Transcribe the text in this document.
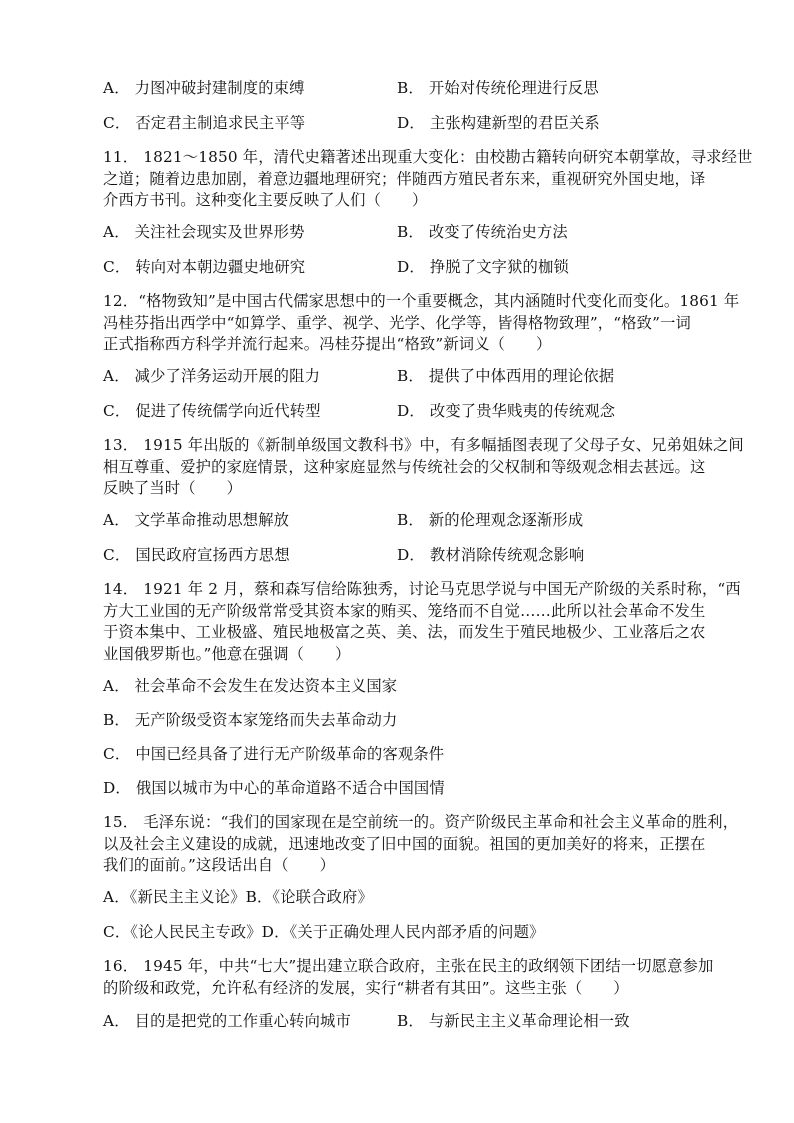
A． 力图冲破封建制度的束缚	B． 开始对传统伦理进行反思
C． 否定君主制追求民主平等	D． 主张构建新型的君臣关系
11． 1821～1850 年，清代史籍著述出现重大变化：由校勘古籍转向研究本朝掌故，寻求经世
之道；随着边患加剧，着意边疆地理研究；伴随西方殖民者东来，重视研究外国史地，译
介西方书刊。这种变化主要反映了人们（　　）
A． 关注社会现实及世界形势	B． 改变了传统治史方法
C． 转向对本朝边疆史地研究	D． 挣脱了文字狱的枷锁
12．“格物致知”是中国古代儒家思想中的一个重要概念，其内涵随时代变化而变化。1861 年
冯桂芬指出西学中“如算学、重学、视学、光学、化学等，皆得格物致理”，“格致”一词
正式指称西方科学并流行起来。冯桂芬提出“格致”新词义（　　）
A． 减少了洋务运动开展的阻力	B． 提供了中体西用的理论依据
C． 促进了传统儒学向近代转型	D． 改变了贵华贱夷的传统观念
13． 1915 年出版的《新制单级国文教科书》中，有多幅插图表现了父母子女、兄弟姐妹之间
相互尊重、爱护的家庭情景，这种家庭显然与传统社会的父权制和等级观念相去甚远。这
反映了当时（　　）
A． 文学革命推动思想解放	B． 新的伦理观念逐渐形成
C． 国民政府宣扬西方思想	D． 教材消除传统观念影响
14． 1921 年 2 月，蔡和森写信给陈独秀，讨论马克思学说与中国无产阶级的关系时称，“西
方大工业国的无产阶级常常受其资本家的贿买、笼络而不自觉……此所以社会革命不发生
于资本集中、工业极盛、殖民地极富之英、美、法，而发生于殖民地极少、工业落后之农
业国俄罗斯也。”他意在强调（　　）
A． 社会革命不会发生在发达资本主义国家
B． 无产阶级受资本家笼络而失去革命动力
C． 中国已经具备了进行无产阶级革命的客观条件
D． 俄国以城市为中心的革命道路不适合中国国情
15． 毛泽东说：“我们的国家现在是空前统一的。资产阶级民主革命和社会主义革命的胜利，
以及社会主义建设的成就，迅速地改变了旧中国的面貌。祖国的更加美好的将来，正摆在
我们的面前。”这段话出自（　　）
A．《新民主主义论》B．《论联合政府》
C．《论人民民主专政》D．《关于正确处理人民内部矛盾的问题》
16． 1945 年，中共“七大”提出建立联合政府，主张在民主的政纲领下团结一切愿意参加
的阶级和政党，允许私有经济的发展，实行“耕者有其田”。这些主张（　　）
A． 目的是把党的工作重心转向城市	B． 与新民主主义革命理论相一致
